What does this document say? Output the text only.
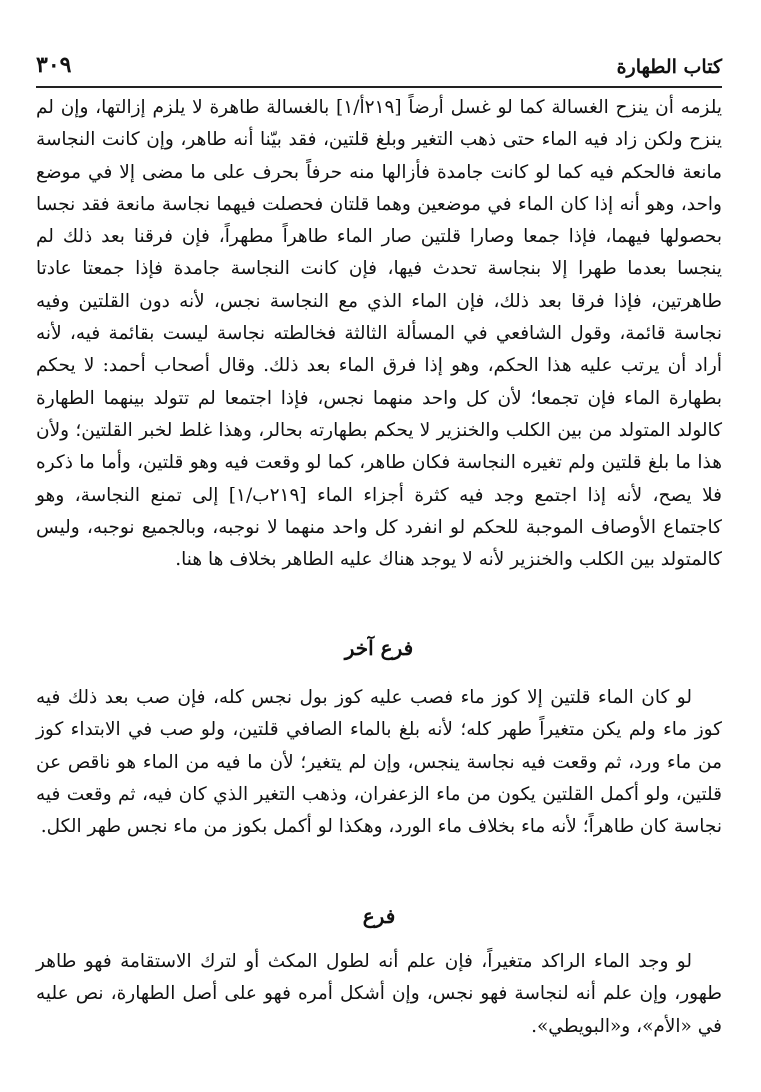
كتاب الطهارة
٣٠٩

يلزمه أن ينزح الغسالة كما لو غسل أرضاً [٢١٩أ/١] بالغسالة طاهرة لا يلزم إزالتها، وإن لم ينزح ولكن زاد فيه الماء حتى ذهب التغير وبلغ قلتين، فقد بيّنا أنه طاهر، وإن كانت النجاسة مانعة فالحكم فيه كما لو كانت جامدة فأزالها منه حرفاً بحرف على ما مضى إلا في موضع واحد، وهو أنه إذا كان الماء في موضعين وهما قلتان فحصلت فيهما نجاسة مانعة فقد نجسا بحصولها فيهما، فإذا جمعا وصارا قلتين صار الماء طاهراً مطهراً، فإن فرقنا بعد ذلك لم ينجسا بعدما طهرا إلا بنجاسة تحدث فيها، فإن كانت النجاسة جامدة فإذا جمعتا عادتا طاهرتين، فإذا فرقا بعد ذلك، فإن الماء الذي مع النجاسة نجس، لأنه دون القلتين وفيه نجاسة قائمة، وقول الشافعي في المسألة الثالثة فخالطته نجاسة ليست بقائمة فيه، لأنه أراد أن يرتب عليه هذا الحكم، وهو إذا فرق الماء بعد ذلك. وقال أصحاب أحمد: لا يحكم بطهارة الماء فإن تجمعا؛ لأن كل واحد منهما نجس، فإذا اجتمعا لم تتولد بينهما الطهارة كالولد المتولد من بين الكلب والخنزير لا يحكم بطهارته بحالر، وهذا غلط لخبر القلتين؛ ولأن هذا ما بلغ قلتين ولم تغيره النجاسة فكان طاهر، كما لو وقعت فيه وهو قلتين، وأما ما ذكره فلا يصح، لأنه إذا اجتمع وجد فيه كثرة أجزاء الماء [٢١٩ب/١] إلى تمنع النجاسة، وهو كاجتماع الأوصاف الموجبة للحكم لو انفرد كل واحد منهما لا نوجبه، وبالجميع نوجبه، وليس كالمتولد بين الكلب والخنزير لأنه لا يوجد هناك عليه الطاهر بخلاف ها هنا.

فرع آخر

لو كان الماء قلتين إلا كوز ماء فصب عليه كوز بول نجس كله، فإن صب بعد ذلك فيه كوز ماء ولم يكن متغيراً طهر كله؛ لأنه بلغ بالماء الصافي قلتين، ولو صب في الابتداء كوز من ماء ورد، ثم وقعت فيه نجاسة ينجس، وإن لم يتغير؛ لأن ما فيه من الماء هو ناقص عن قلتين، ولو أكمل القلتين يكون من ماء الزعفران، وذهب التغير الذي كان فيه، ثم وقعت فيه نجاسة كان طاهراً؛ لأنه ماء بخلاف ماء الورد، وهكذا لو أكمل بكوز من ماء نجس طهر الكل.

فرع

لو وجد الماء الراكد متغيراً، فإن علم أنه لطول المكث أو لترك الاستقامة فهو طاهر طهور، وإن علم أنه لنجاسة فهو نجس، وإن أشكل أمره فهو على أصل الطهارة، نص عليه في «الأم»، و«البويطي».
